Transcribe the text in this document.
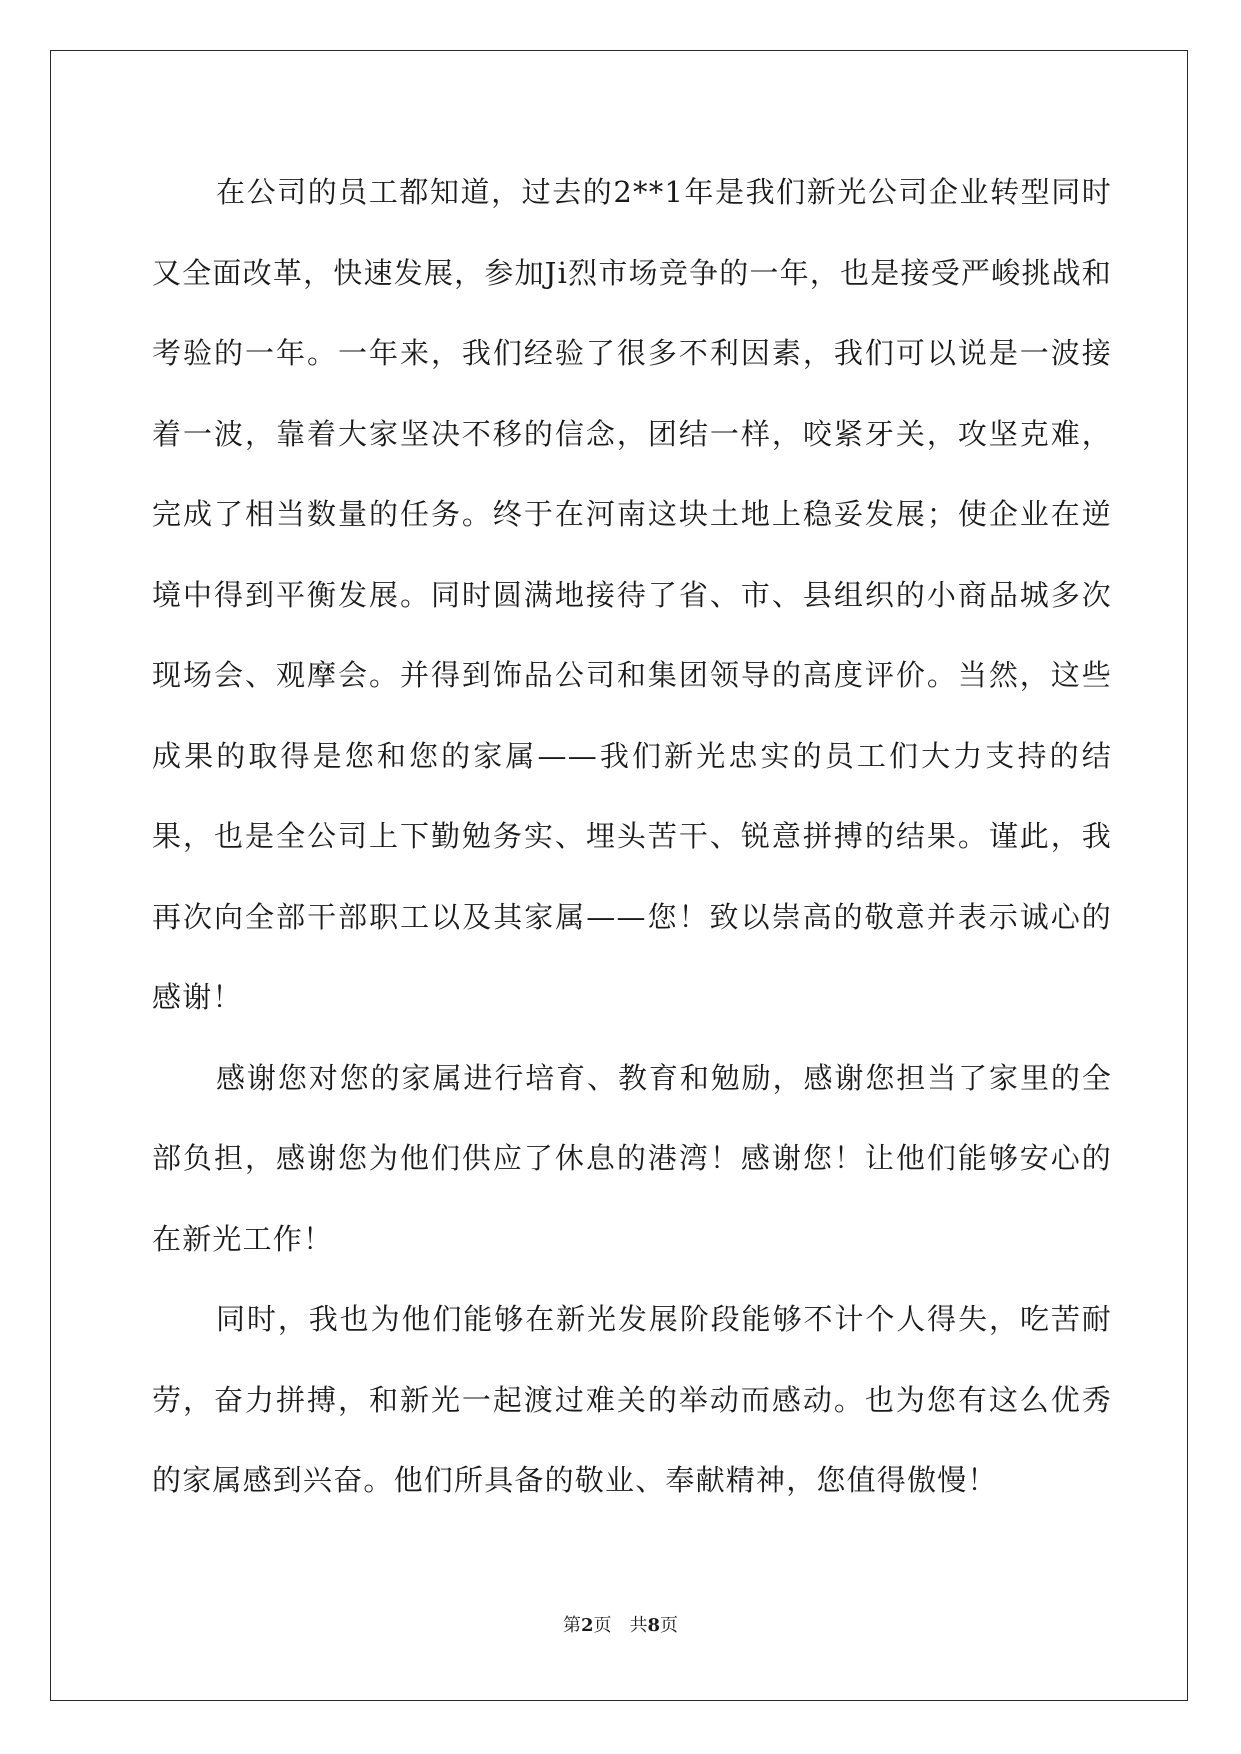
在公司的员工都知道，过去的2**1年是我们新光公司企业转型同时又全面改革，快速发展，参加Ji烈市场竞争的一年，也是接受严峻挑战和考验的一年。一年来，我们经验了很多不利因素，我们可以说是一波接着一波，靠着大家坚决不移的信念，团结一样，咬紧牙关，攻坚克难，完成了相当数量的任务。终于在河南这块土地上稳妥发展；使企业在逆境中得到平衡发展。同时圆满地接待了省、市、县组织的小商品城多次现场会、观摩会。并得到饰品公司和集团领导的高度评价。当然，这些成果的取得是您和您的家属——我们新光忠实的员工们大力支持的结果，也是全公司上下勤勉务实、埋头苦干、锐意拼搏的结果。谨此，我再次向全部干部职工以及其家属——您！致以崇高的敬意并表示诚心的感谢！

感谢您对您的家属进行培育、教育和勉励，感谢您担当了家里的全部负担，感谢您为他们供应了休息的港湾！感谢您！让他们能够安心的在新光工作！

同时，我也为他们能够在新光发展阶段能够不计个人得失，吃苦耐劳，奋力拼搏，和新光一起渡过难关的举动而感动。也为您有这么优秀的家属感到兴奋。他们所具备的敬业、奉献精神，您值得傲慢！

第2页 共8页
